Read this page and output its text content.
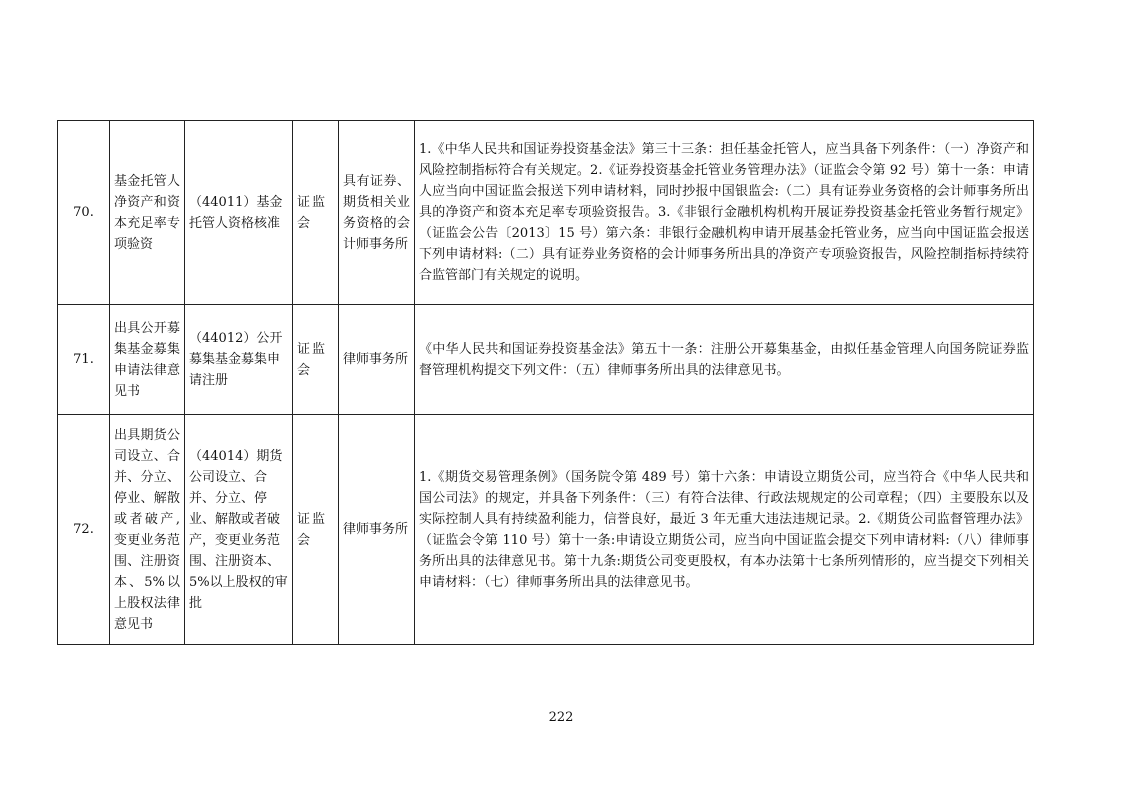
70.	基金托管人净资产和资本充足率专项验资	（44011）基金托管人资格核准	证监会	具有证券、期货相关业务资格的会计师事务所	1.《中华人民共和国证券投资基金法》第三十三条：担任基金托管人，应当具备下列条件：（一）净资产和风险控制指标符合有关规定。2.《证券投资基金托管业务管理办法》（证监会令第 92 号）第十一条：申请人应当向中国证监会报送下列申请材料，同时抄报中国银监会:（二）具有证券业务资格的会计师事务所出具的净资产和资本充足率专项验资报告。3.《非银行金融机构机构开展证券投资基金托管业务暂行规定》（证监会公告〔2013〕15 号）第六条：非银行金融机构申请开展基金托管业务，应当向中国证监会报送下列申请材料:（二）具有证券业务资格的会计师事务所出具的净资产专项验资报告，风险控制指标持续符合监管部门有关规定的说明。
71.	出具公开募集基金募集申请法律意见书	（44012）公开募集基金募集申请注册	证监会	律师事务所	《中华人民共和国证券投资基金法》第五十一条：注册公开募集基金，由拟任基金管理人向国务院证券监督管理机构提交下列文件：（五）律师事务所出具的法律意见书。
72.	出具期货公司设立、合并、分立、停业、解散或者破产,变更业务范围、注册资本、5%以上股权法律意见书	（44014）期货公司设立、合并、分立、停业、解散或者破产，变更业务范围、注册资本、5%以上股权的审批	证监会	律师事务所	1.《期货交易管理条例》（国务院令第 489 号）第十六条：申请设立期货公司，应当符合《中华人民共和国公司法》的规定，并具备下列条件：（三）有符合法律、行政法规规定的公司章程；（四）主要股东以及实际控制人具有持续盈利能力，信誉良好，最近 3 年无重大违法违规记录。2.《期货公司监督管理办法》（证监会令第 110 号）第十一条:申请设立期货公司，应当向中国证监会提交下列申请材料:（八）律师事务所出具的法律意见书。第十九条:期货公司变更股权，有本办法第十七条所列情形的，应当提交下列相关申请材料：（七）律师事务所出具的法律意见书。
222
